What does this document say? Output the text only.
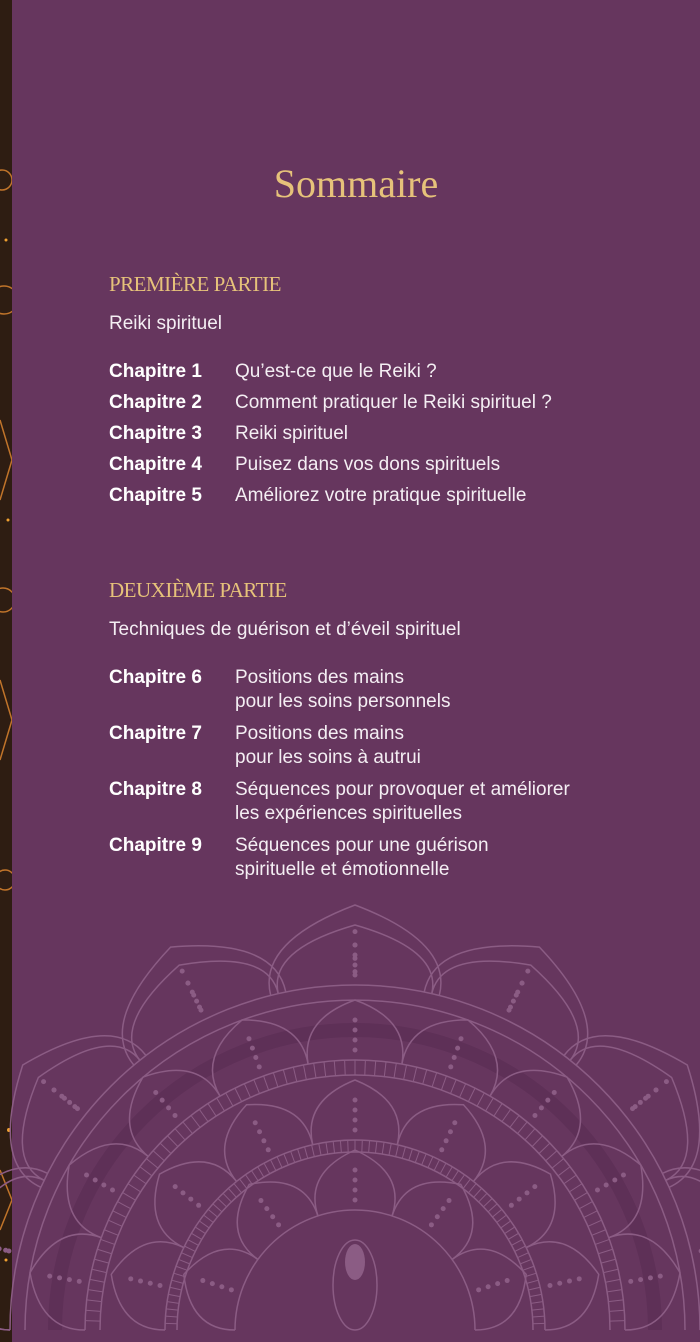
Sommaire
PREMIÈRE PARTIE
Reiki spirituel
Chapitre 1 Qu’est-ce que le Reiki ?
Chapitre 2 Comment pratiquer le Reiki spirituel ?
Chapitre 3 Reiki spirituel
Chapitre 4 Puisez dans vos dons spirituels
Chapitre 5 Améliorez votre pratique spirituelle
DEUXIÈME PARTIE
Techniques de guérison et d’éveil spirituel
Chapitre 6 Positions des mains
pour les soins personnels
Chapitre 7 Positions des mains
pour les soins à autrui
Chapitre 8 Séquences pour provoquer et améliorer
les expériences spirituelles
Chapitre 9 Séquences pour une guérison
spirituelle et émotionnelle
